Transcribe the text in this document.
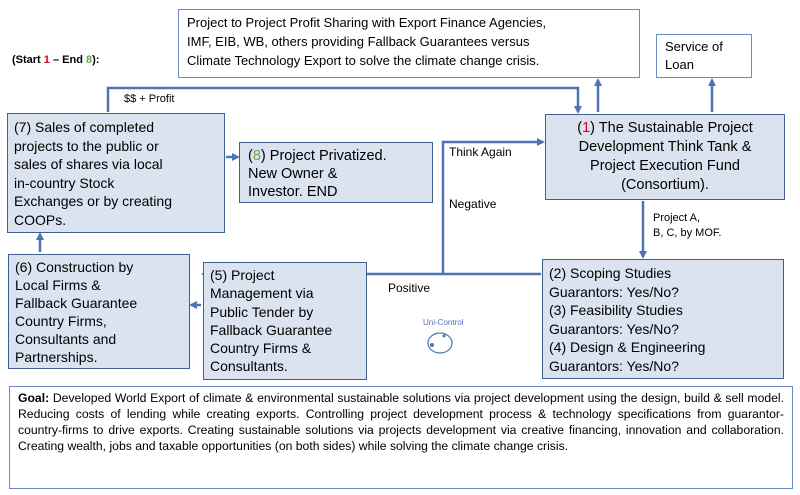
(Start 1 – End 8):
Project to Project Profit Sharing with Export Finance Agencies,
IMF, EIB, WB, others providing Fallback Guarantees versus
Climate Technology Export to solve the climate change crisis.
Service of
Loan
(1) The Sustainable Project
Development Think Tank &
Project Execution Fund
(Consortium).
(7) Sales of completed
projects to the public or
sales of shares via local
in-country Stock
Exchanges or by creating
COOPs.
(8) Project Privatized.
New Owner &
Investor. END
(6) Construction by
Local Firms &
Fallback Guarantee
Country Firms,
Consultants and
Partnerships.
(5) Project
Management via
Public Tender by
Fallback Guarantee
Country Firms &
Consultants.
(2) Scoping Studies
Guarantors: Yes/No?
(3) Feasibility Studies
Guarantors: Yes/No?
(4) Design & Engineering
Guarantors: Yes/No?
$$ + Profit
Think Again
Negative
Positive
Project A,
B, C, by MOF.
Uni-Control
Goal: Developed World Export of climate & environmental sustainable solutions via project development using the design, build & sell model. Reducing costs of lending while creating exports. Controlling project development process & technology specifications from guarantor-country-firms to drive exports. Creating sustainable solutions via projects development via creative financing, innovation and collaboration. Creating wealth, jobs and taxable opportunities (on both sides) while solving the climate change crisis.
